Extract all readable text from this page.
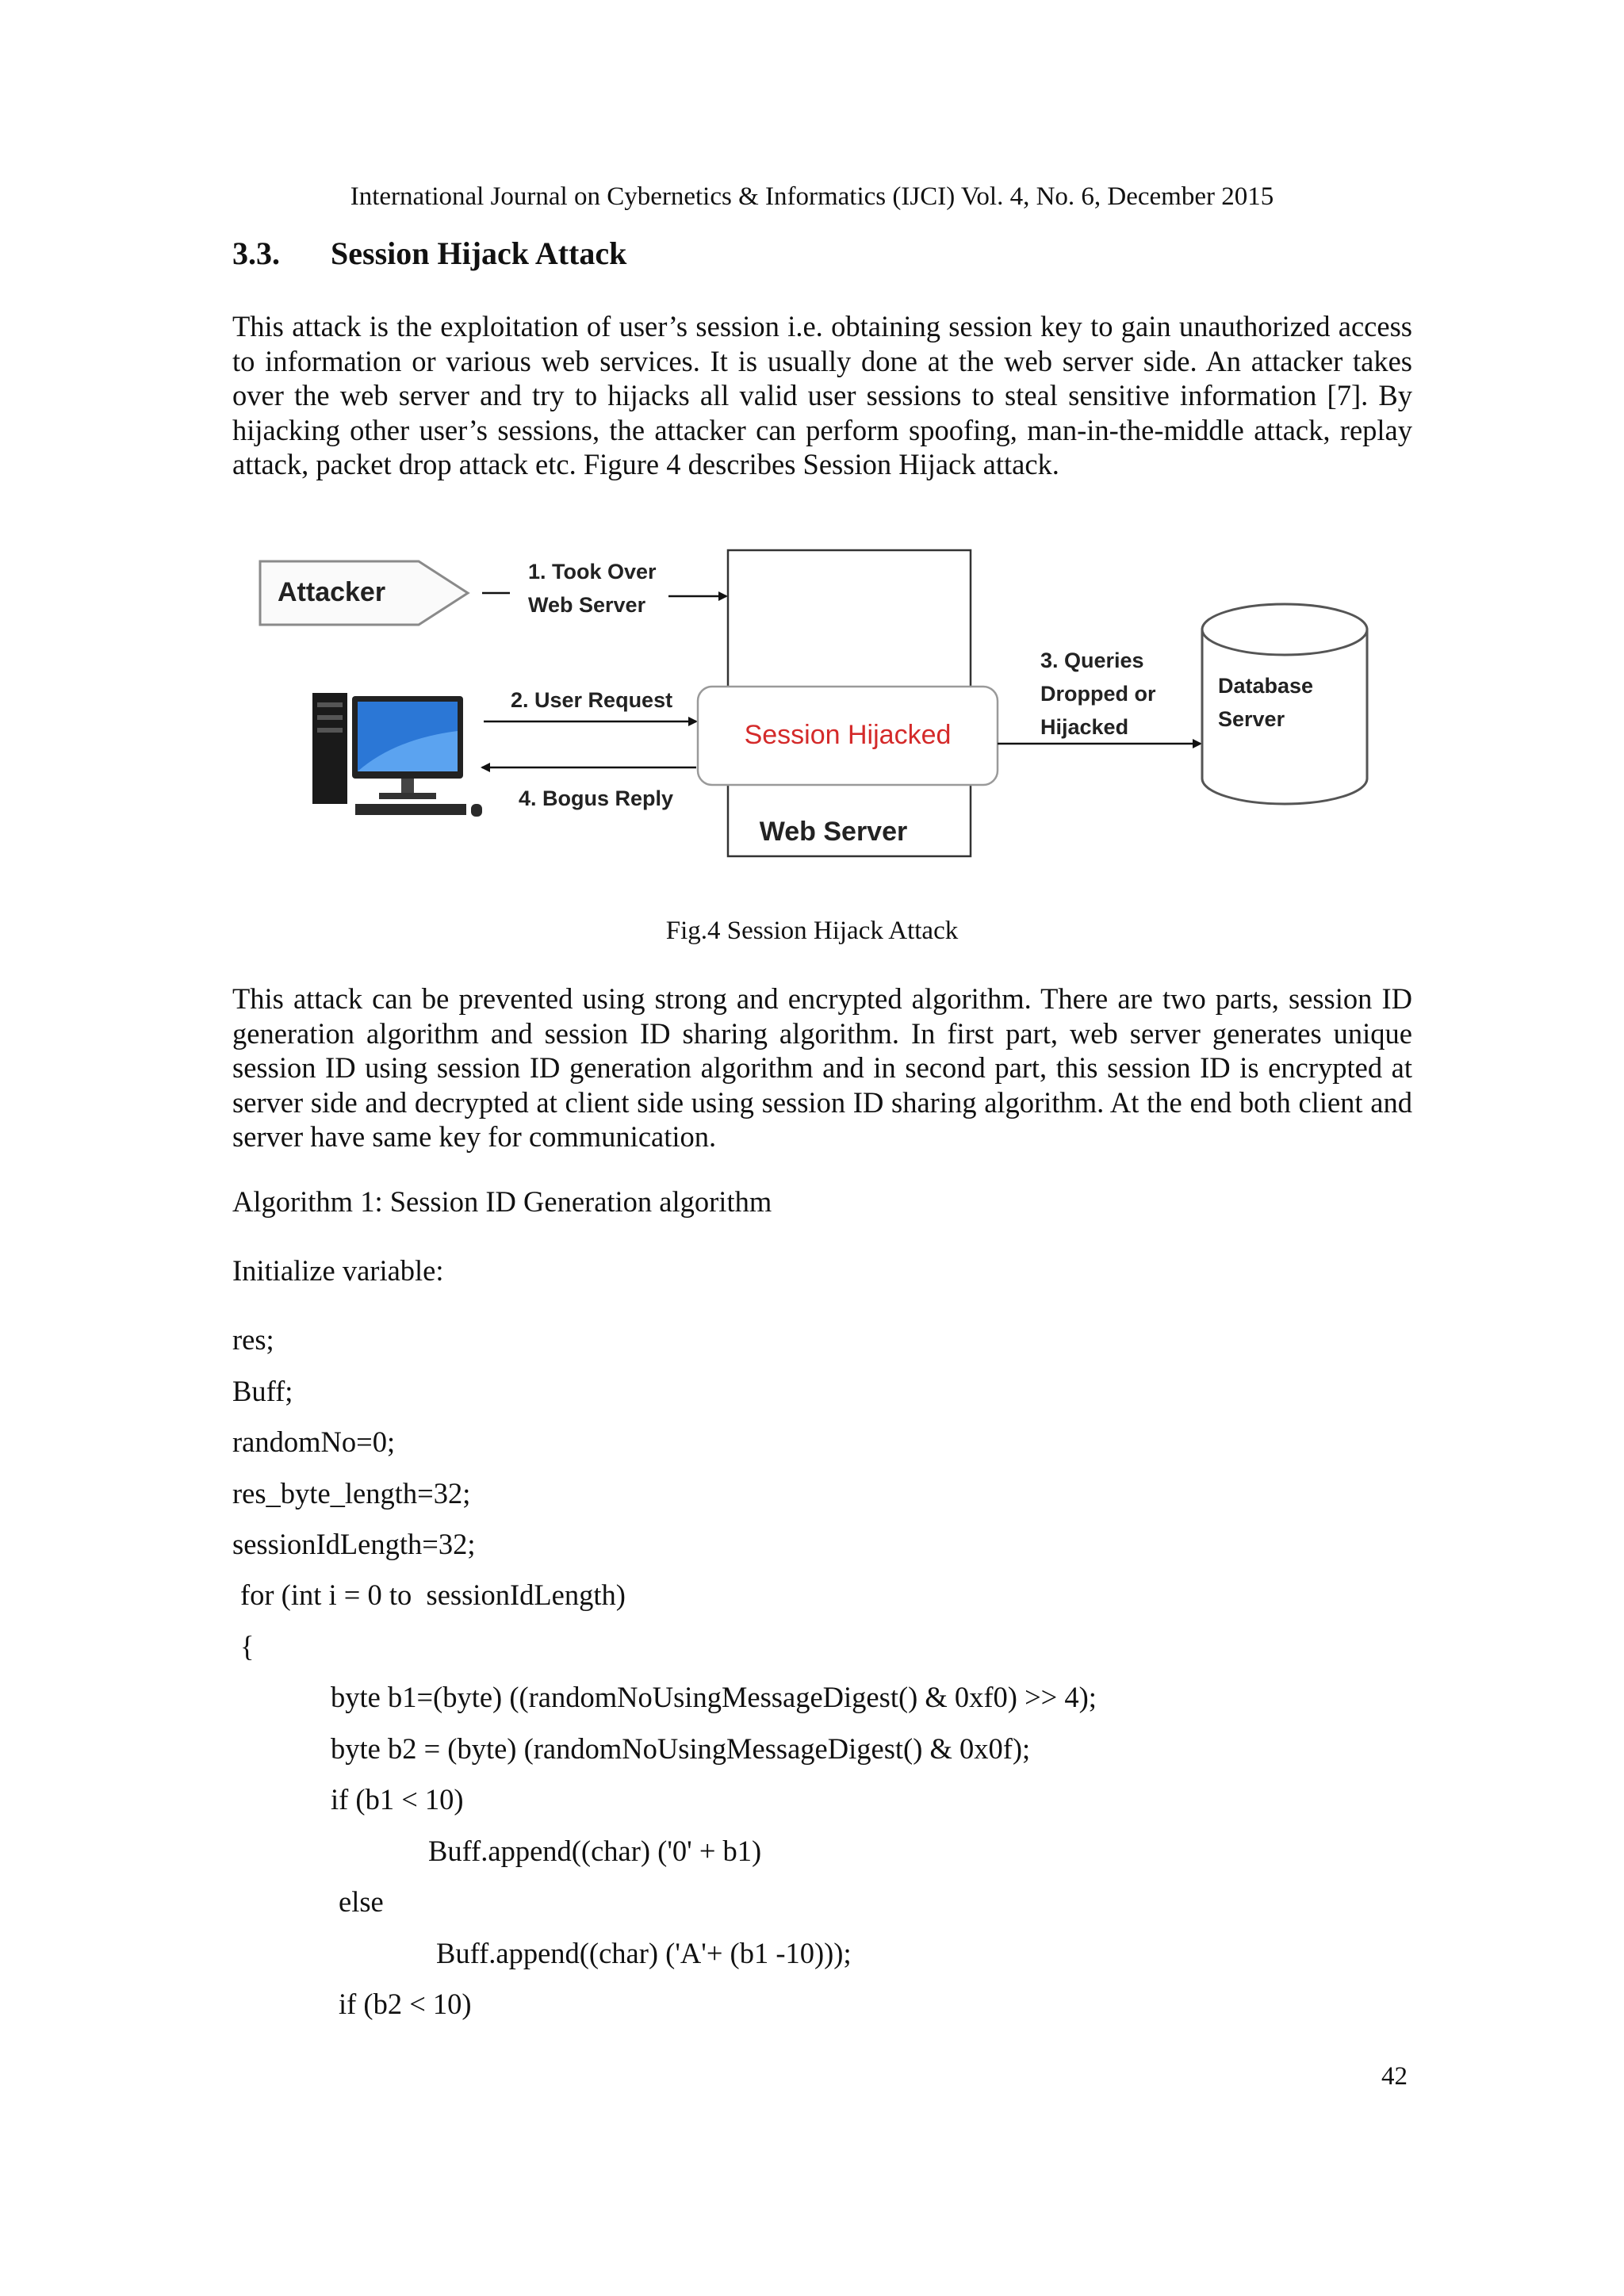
International Journal on Cybernetics & Informatics (IJCI) Vol. 4, No. 6, December 2015
3.3. Session Hijack Attack

This attack is the exploitation of user’s session i.e. obtaining session key to gain unauthorized access to information or various web services. It is usually done at the web server side. An attacker takes over the web server and try to hijacks all valid user sessions to steal sensitive information [7]. By hijacking other user’s sessions, the attacker can perform spoofing, man-in-the-middle attack, replay attack, packet drop attack etc. Figure 4 describes Session Hijack attack.

Attacker
1. Took Over
Web Server
2. User Request
4. Bogus Reply
Session Hijacked
Web Server
3. Queries
Dropped or
Hijacked
Database
Server
Fig.4 Session Hijack Attack

This attack can be prevented using strong and encrypted algorithm. There are two parts, session ID generation algorithm and session ID sharing algorithm. In first part, web server generates unique session ID using session ID generation algorithm and in second part, this session ID is encrypted at server side and decrypted at client side using session ID sharing algorithm. At the end both client and server have same key for communication.

Algorithm 1: Session ID Generation algorithm
Initialize variable:
res;
Buff;
randomNo=0;
res_byte_length=32;
sessionIdLength=32;
for (int i = 0 to  sessionIdLength)
{
byte b1=(byte) ((randomNoUsingMessageDigest() & 0xf0) >> 4);
byte b2 = (byte) (randomNoUsingMessageDigest() & 0x0f);
if (b1 < 10)
Buff.append((char) ('0' + b1)
else
Buff.append((char) ('A'+ (b1 -10)));
if (b2 < 10)
42
